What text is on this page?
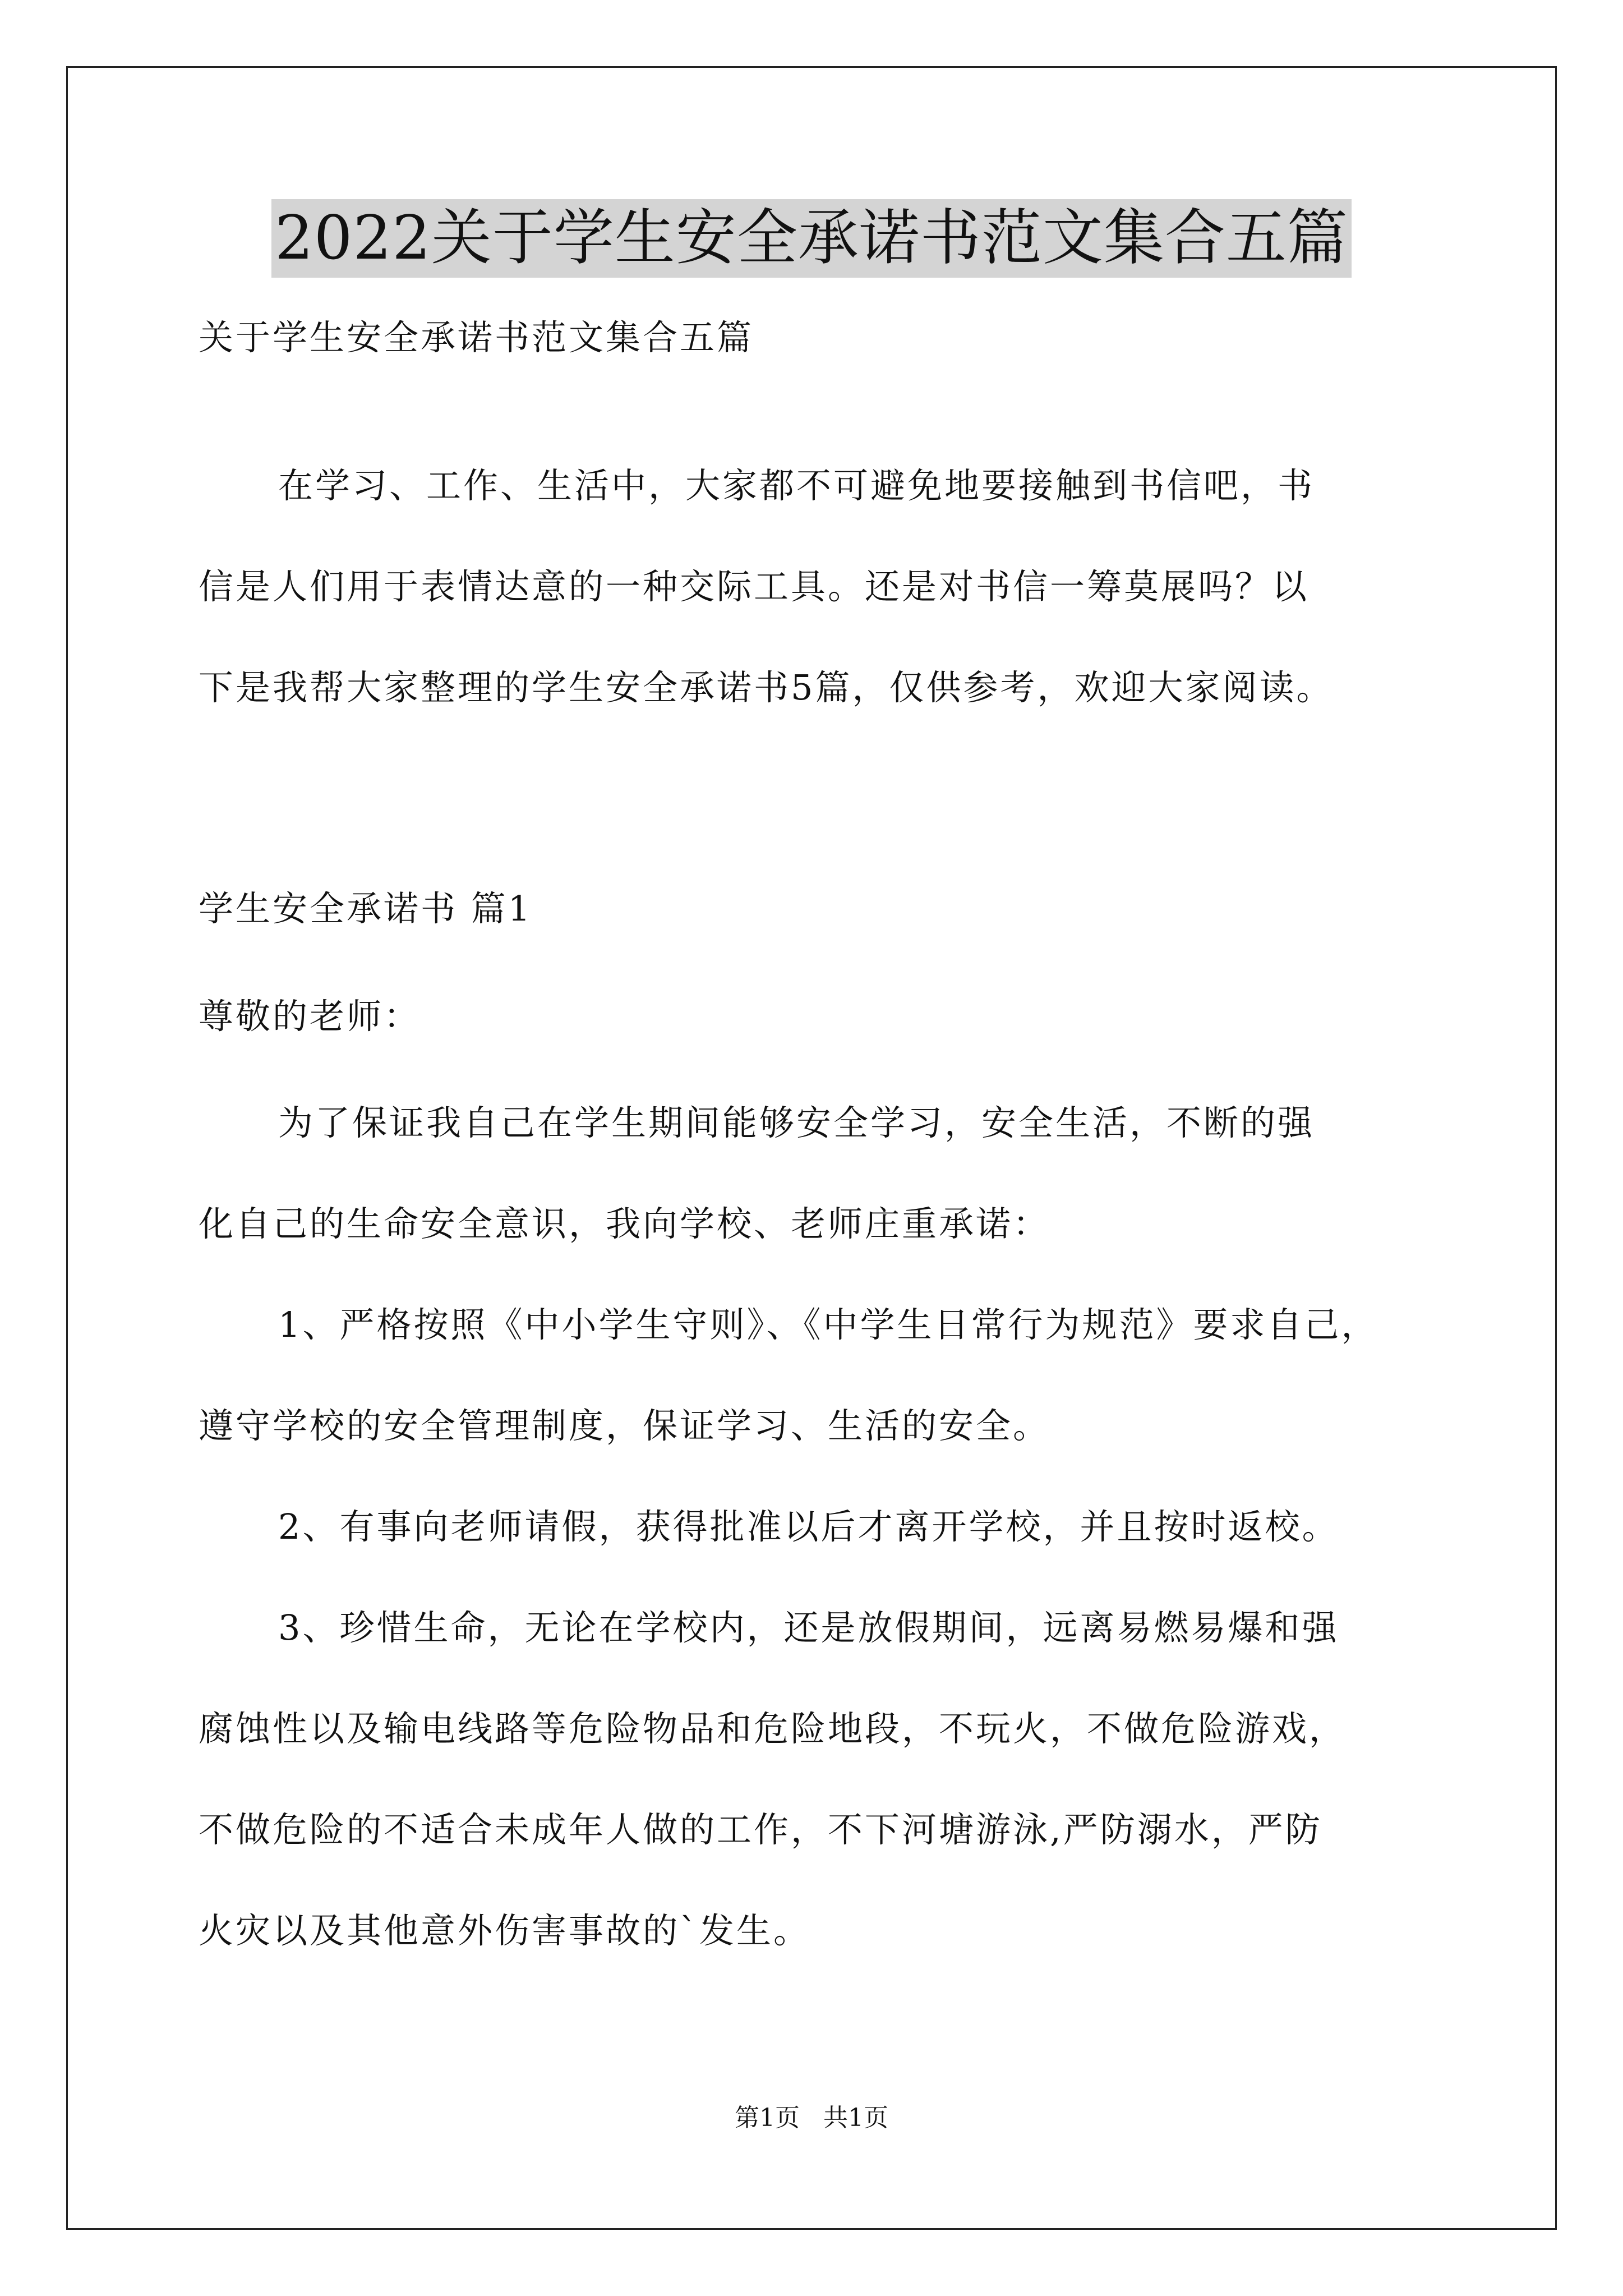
2022关于学生安全承诺书范文集合五篇
关于学生安全承诺书范文集合五篇
在学习、工作、生活中，大家都不可避免地要接触到书信吧，书
信是人们用于表情达意的一种交际工具。还是对书信一筹莫展吗？以
下是我帮大家整理的学生安全承诺书5篇，仅供参考，欢迎大家阅读。
学生安全承诺书 篇1
尊敬的老师：
为了保证我自己在学生期间能够安全学习，安全生活，不断的强
化自己的生命安全意识，我向学校、老师庄重承诺：
1、严格按照《中小学生守则》、《中学生日常行为规范》要求自己，
遵守学校的安全管理制度，保证学习、生活的安全。
2、有事向老师请假，获得批准以后才离开学校，并且按时返校。
3、珍惜生命，无论在学校内，还是放假期间，远离易燃易爆和强
腐蚀性以及输电线路等危险物品和危险地段，不玩火，不做危险游戏，
不做危险的不适合未成年人做的工作，不下河塘游泳,严防溺水，严防
火灾以及其他意外伤害事故的`发生。
第1页 共1页
